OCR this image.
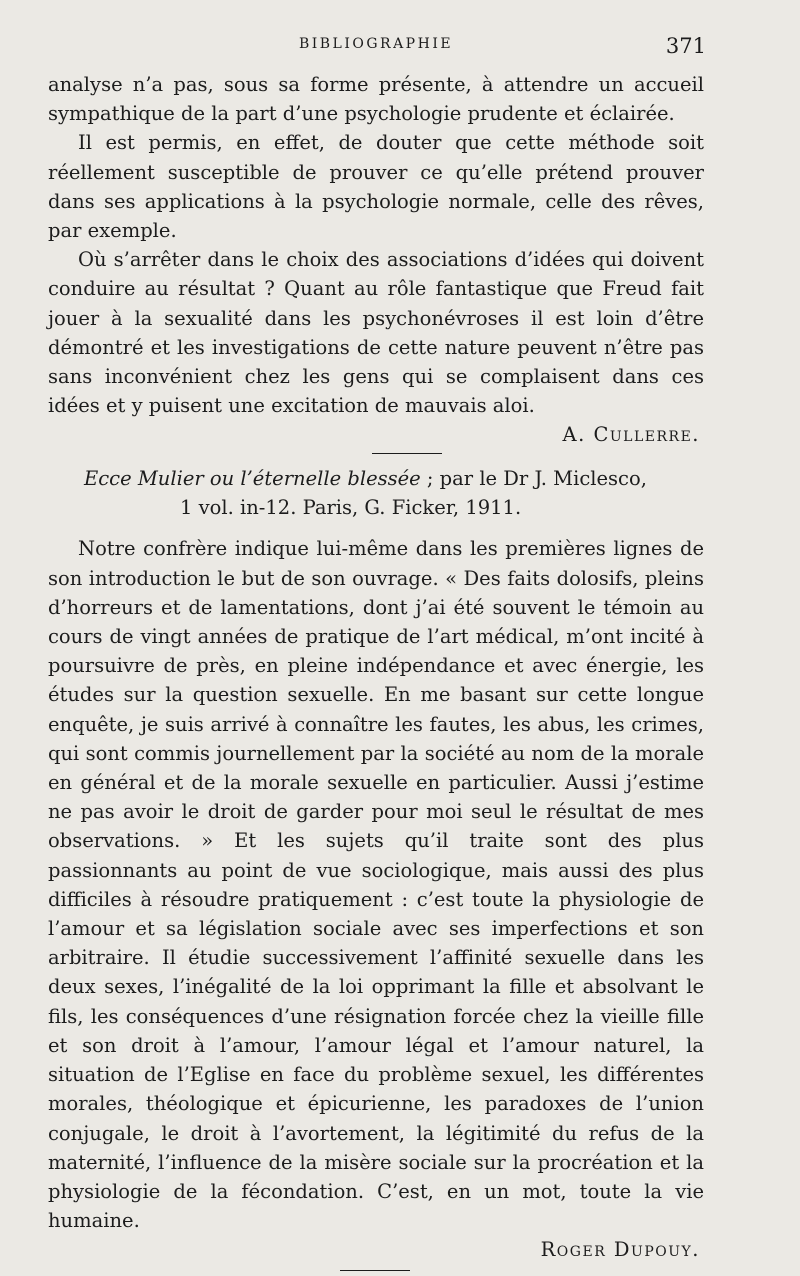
BIBLIOGRAPHIE	371

analyse n’a pas, sous sa forme présente, à attendre un accueil sympathique de la part d’une psychologie prudente et éclairée.

Il est permis, en effet, de douter que cette méthode soit réellement susceptible de prouver ce qu’elle prétend prouver dans ses applications à la psychologie normale, celle des rêves, par exemple.

Où s’arrêter dans le choix des associations d’idées qui doivent conduire au résultat ? Quant au rôle fantastique que Freud fait jouer à la sexualité dans les psychonévroses il est loin d’être démontré et les investigations de cette nature peuvent n’être pas sans inconvénient chez les gens qui se complaisent dans ces idées et y puisent une excitation de mauvais aloi.

A. Cullerre.

Ecce Mulier ou l’éternelle blessée ; par le Dr J. Miclesco,
1 vol. in-12. Paris, G. Ficker, 1911.

Notre confrère indique lui-même dans les premières lignes de son introduction le but de son ouvrage. « Des faits dolosifs, pleins d’horreurs et de lamentations, dont j’ai été souvent le témoin au cours de vingt années de pratique de l’art médical, m’ont incité à poursuivre de près, en pleine indépendance et avec énergie, les études sur la question sexuelle. En me basant sur cette longue enquête, je suis arrivé à connaître les fautes, les abus, les crimes, qui sont commis journellement par la société au nom de la morale en général et de la morale sexuelle en particulier. Aussi j’estime ne pas avoir le droit de garder pour moi seul le résultat de mes observations. » Et les sujets qu’il traite sont des plus passionnants au point de vue sociologique, mais aussi des plus difficiles à résoudre pratiquement : c’est toute la physiologie de l’amour et sa législation sociale avec ses imperfections et son arbitraire. Il étudie successivement l’affinité sexuelle dans les deux sexes, l’inégalité de la loi opprimant la fille et absolvant le fils, les conséquences d’une résignation forcée chez la vieille fille et son droit à l’amour, l’amour légal et l’amour naturel, la situation de l’Eglise en face du problème sexuel, les différentes morales, théologique et épicurienne, les paradoxes de l’union conjugale, le droit à l’avortement, la légitimité du refus de la maternité, l’influence de la misère sociale sur la procréation et la physiologie de la fécondation. C’est, en un mot, toute la vie humaine.

Roger Dupouy.
